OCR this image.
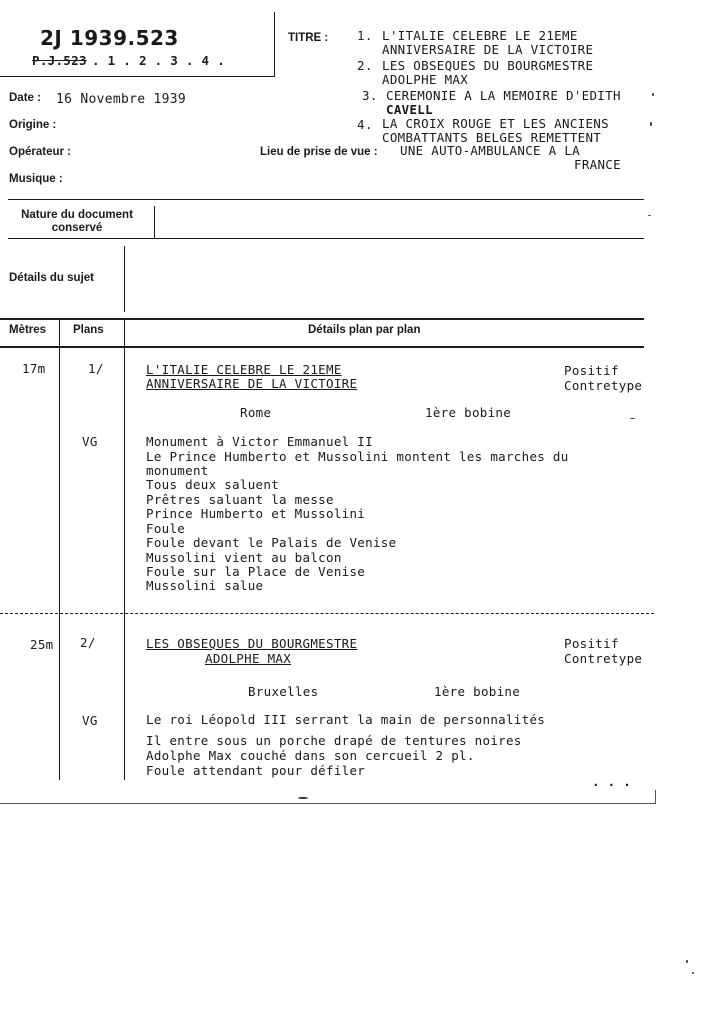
2J 1939.523
P.J.523 . 1 . 2 . 3 . 4 .
TITRE : 1. L'ITALIE CELEBRE LE 21EME
ANNIVERSAIRE DE LA VICTOIRE
2. LES OBSEQUES DU BOURGMESTRE
ADOLPHE MAX
3. CEREMONIE A LA MEMOIRE D'EDITH
CAVELL
4. LA CROIX ROUGE ET LES ANCIENS
COMBATTANTS BELGES REMETTENT
Date : 16 Novembre 1939
Origine :
Opérateur :
Musique :
Lieu de prise de vue : UNE AUTO-AMBULANCE A LA
FRANCE
Nature du document
conservé
Détails du sujet
Mètres Plans	Détails plan par plan
17m	1/	L'ITALIE CELEBRE LE 21EME
ANNIVERSAIRE DE LA VICTOIRE
Positif
Contretype
Rome	1ère bobine
VG	Monument à Victor Emmanuel II
Le Prince Humberto et Mussolini montent les marches du
monument
Tous deux saluent
Prêtres saluant la messe
Prince Humberto et Mussolini
Foule
Foule devant le Palais de Venise
Mussolini vient au balcon
Foule sur la Place de Venise
Mussolini salue
25m 2/	LES OBSEQUES DU BOURGMESTRE
ADOLPHE MAX
Positif
Contretype
Bruxelles	1ère bobine
VG	Le roi Léopold III serrant la main de personnalités
Il entre sous un porche drapé de tentures noires
Adolphe Max couché dans son cercueil 2 pl.
Foule attendant pour défiler
. . .
